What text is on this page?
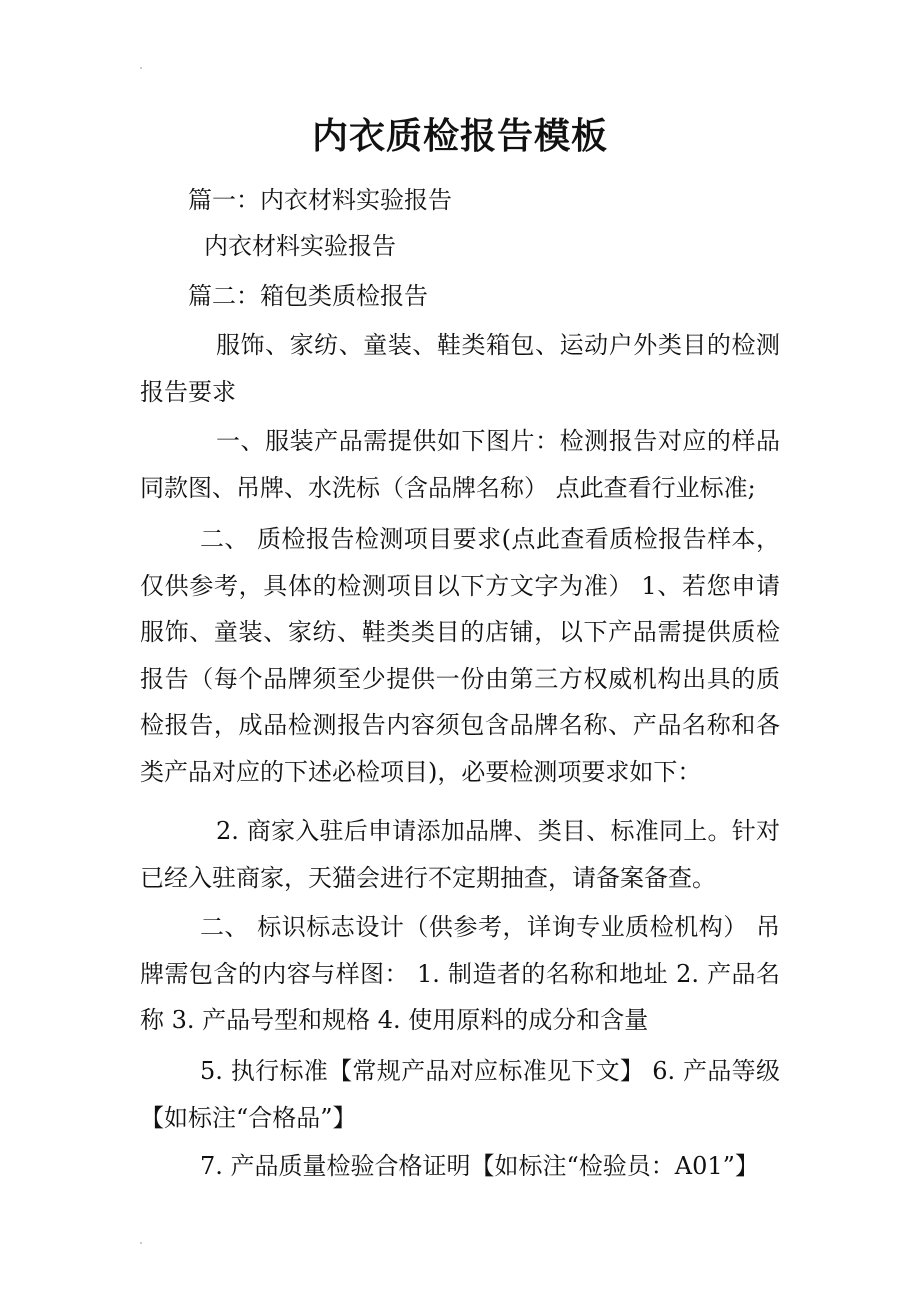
内衣质检报告模板

篇一：内衣材料实验报告

内衣材料实验报告

篇二：箱包类质检报告

服饰、家纺、童装、鞋类箱包、运动户外类目的检测报告要求

一、服装产品需提供如下图片：检测报告对应的样品同款图、吊牌、水洗标（含品牌名称） 点此查看行业标准;

二、 质检报告检测项目要求(点此查看质检报告样本，仅供参考，具体的检测项目以下方文字为准） 1、若您申请服饰、童装、家纺、鞋类类目的店铺，以下产品需提供质检报告（每个品牌须至少提供一份由第三方权威机构出具的质检报告，成品检测报告内容须包含品牌名称、产品名称和各类产品对应的下述必检项目)，必要检测项要求如下：

2. 商家入驻后申请添加品牌、类目、标准同上。针对已经入驻商家，天猫会进行不定期抽查，请备案备查。

二、 标识标志设计（供参考，详询专业质检机构） 吊牌需包含的内容与样图： 1. 制造者的名称和地址 2. 产品名称 3. 产品号型和规格 4. 使用原料的成分和含量

5. 执行标准【常规产品对应标准见下文】 6. 产品等级【如标注“合格品”】

7. 产品质量检验合格证明【如标注“检验员：A01”】
